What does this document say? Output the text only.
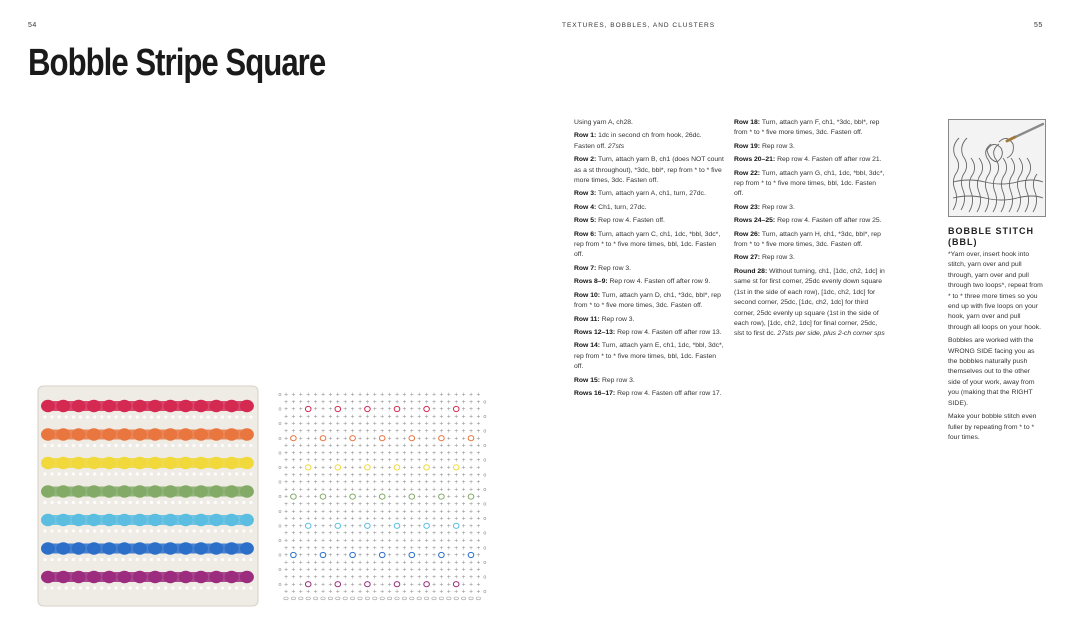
54	TEXTURES, BOBBLES, AND CLUSTERS	55
Bobble Stripe Square

Using yarn A, ch28.

Row 1: 1dc in second ch from hook, 26dc. Fasten off. 27sts

Row 2: Turn, attach yarn B, ch1 (does NOT count as a st throughout), *3dc, bbl*, rep from * to * five more times, 3dc. Fasten off.

Row 3: Turn, attach yarn A, ch1, turn, 27dc.

Row 4: Ch1, turn, 27dc.

Row 5: Rep row 4. Fasten off.

Row 6: Turn, attach yarn C, ch1, 1dc, *bbl, 3dc*, rep from * to * five more times, bbl, 1dc. Fasten off.

Row 7: Rep row 3.

Rows 8–9: Rep row 4. Fasten off after row 9.

Row 10: Turn, attach yarn D, ch1, *3dc, bbl*, rep from * to * five more times, 3dc. Fasten off.

Row 11: Rep row 3.

Rows 12–13: Rep row 4. Fasten off after row 13.

Row 14: Turn, attach yarn E, ch1, 1dc, *bbl, 3dc*, rep from * to * five more times, bbl, 1dc. Fasten off.

Row 15: Rep row 3.

Rows 16–17: Rep row 4. Fasten off after row 17.

Row 18: Turn, attach yarn F, ch1, *3dc, bbl*, rep from * to * five more times, 3dc. Fasten off.

Row 19: Rep row 3.

Rows 20–21: Rep row 4. Fasten off after row 21.

Row 22: Turn, attach yarn G, ch1, 1dc, *bbl, 3dc*, rep from * to * five more times, bbl, 1dc. Fasten off.

Row 23: Rep row 3.

Rows 24–25: Rep row 4. Fasten off after row 25.

Row 26: Turn, attach yarn H, ch1, *3dc, bbl*, rep from * to * five more times, 3dc. Fasten off.

Row 27: Rep row 3.

Round 28: Without turning, ch1, [1dc, ch2, 1dc] in same st for first corner, 25dc evenly down square (1st in the side of each row), [1dc, ch2, 1dc] for second corner, 25dc, [1dc, ch2, 1dc] for third corner, 25dc evenly up square (1st in the side of each row), [1dc, ch2, 1dc] for final corner, 25dc, slst to first dc. 27sts per side, plus 2-ch corner sps

BOBBLE STITCH (BBL)

*Yarn over, insert hook into stitch, yarn over and pull through, yarn over and pull through two loops*, repeat from * to * three more times so you end up with five loops on your hook, yarn over and pull through all loops on your hook.

Bobbles are worked with the WRONG SIDE facing you as the bobbles naturally push themselves out to the other side of your work, away from you (making that the RIGHT SIDE).

Make your bobble stitch even fuller by repeating from * to * four times.

+ + + + + + + + + + + + + + + + + + + + + + + + + + +
o
+ + + + + + + + + + + + + + + + + + + + + + + + + + + o
+ + + + + + + + + + + + + + + + + + + + +
o
+ + + + + + + + + + + + + + + + + + + + + + + + + + + o
+ + + + + + + + + + + + + + + + + + + + + + + + + + +
o
+ + + + + + + + + + + + + + + + + + + + + + + + + + + o
+ + + + + + + + + + + + + + + + + + + +
o
+ + + + + + + + + + + + + + + + + + + + + + + + + + + o
+ + + + + + + + + + + + + + + + + + + + + + + + + + +
o
+ + + + + + + + + + + + + + + + + + + + + + + + + + + o
+ + + + + + + + + + + + + + + + + + + + +
o
+ + + + + + + + + + + + + + + + + + + + + + + + + + + o
+ + + + + + + + + + + + + + + + + + + + + + + + + + +
o
+ + + + + + + + + + + + + + + + + + + + + + + + + + + o
+ + + + + + + + + + + + + + + + + + + +
o
+ + + + + + + + + + + + + + + + + + + + + + + + + + + o
+ + + + + + + + + + + + + + + + + + + + + + + + + + +
o
+ + + + + + + + + + + + + + + + + + + + + + + + + + + o
+ + + + + + + + + + + + + + + + + + + + +
o
+ + + + + + + + + + + + + + + + + + + + + + + + + + + o
+ + + + + + + + + + + + + + + + + + + + + + + + + + +
o
+ + + + + + + + + + + + + + + + + + + + + + + + + + + o
+ + + + + + + + + + + + + + + + + + + +
o
+ + + + + + + + + + + + + + + + + + + + + + + + + + + o
+ + + + + + + + + + + + + + + + + + + + + + + + + + +
o
+ + + + + + + + + + + + + + + + + + + + + + + + + + + o
+ + + + + + + + + + + + + + + + + + + + +
o
+ + + + + + + + + + + + + + + + + + + + + + + + + + + o
